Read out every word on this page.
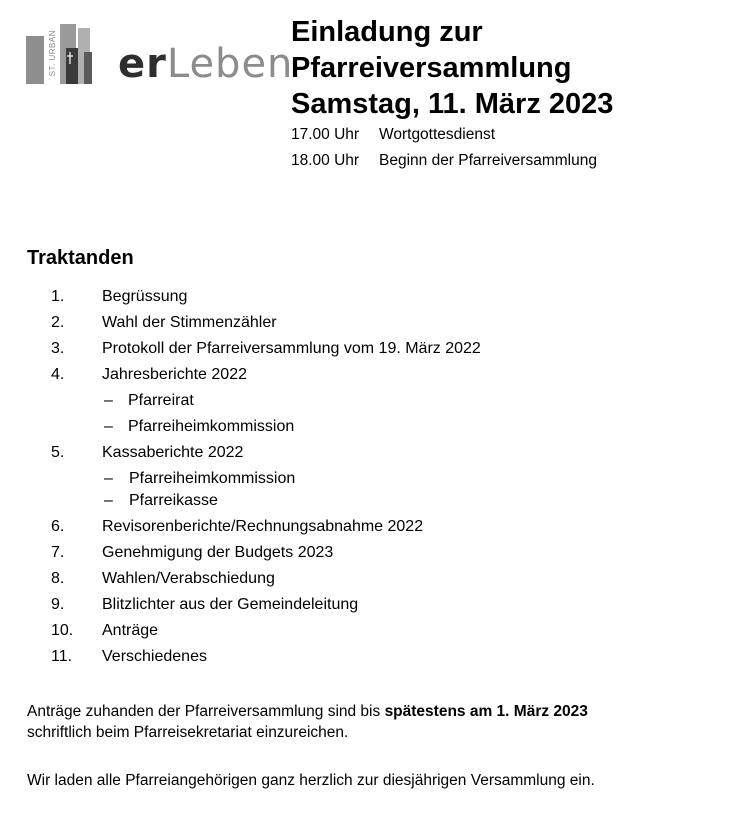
ST. URBAN erLeben
Einladung zur
Pfarreiversammlung
Samstag, 11. März 2023
17.00 Uhr Wortgottesdienst
18.00 Uhr Beginn der Pfarreiversammlung
Traktanden
1. Begrüssung
2. Wahl der Stimmenzähler
3. Protokoll der Pfarreiversammlung vom 19. März 2022
4. Jahresberichte 2022
– Pfarreirat
– Pfarreiheimkommission
5. Kassaberichte 2022
– Pfarreiheimkommission
– Pfarreikasse
6. Revisorenberichte/Rechnungsabnahme 2022
7. Genehmigung der Budgets 2023
8. Wahlen/Verabschiedung
9. Blitzlichter aus der Gemeindeleitung
10. Anträge
11. Verschiedenes
Anträge zuhanden der Pfarreiversammlung sind bis spätestens am 1. März 2023
schriftlich beim Pfarreisekretariat einzureichen.
Wir laden alle Pfarreiangehörigen ganz herzlich zur diesjährigen Versammlung ein.
